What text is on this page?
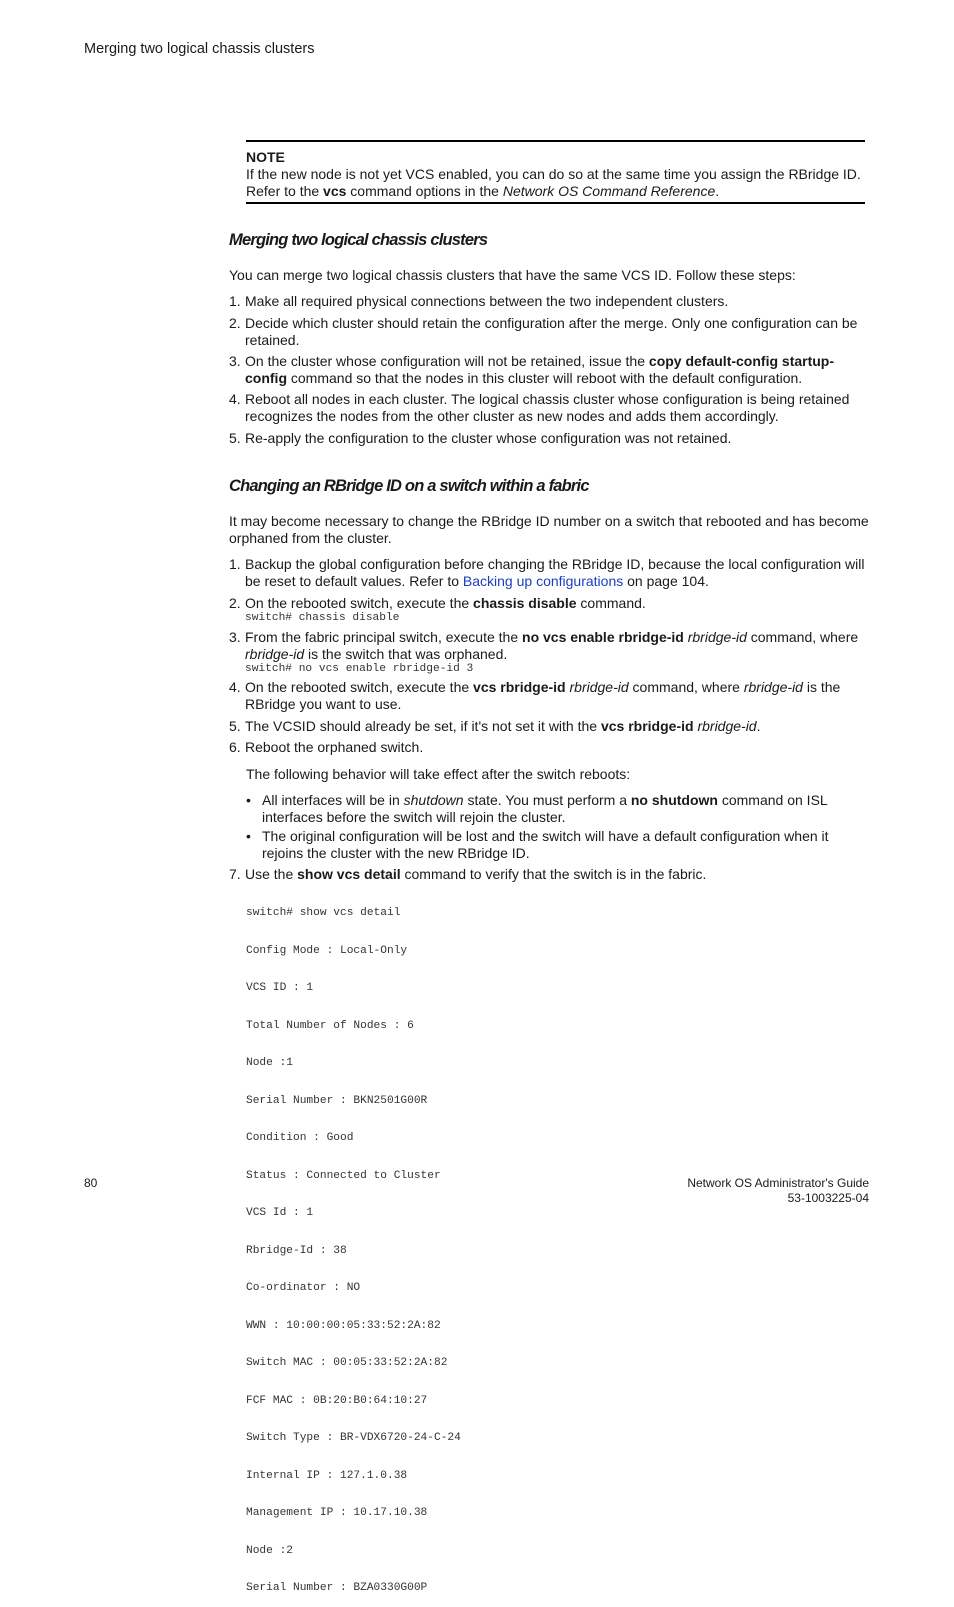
Merging two logical chassis clusters
NOTE

If the new node is not yet VCS enabled, you can do so at the same time you assign the RBridge ID.

Refer to the vcs command options in the Network OS Command Reference.

Merging two logical chassis clusters

You can merge two logical chassis clusters that have the same VCS ID. Follow these steps:

1. Make all required physical connections between the two independent clusters.
2. Decide which cluster should retain the configuration after the merge. Only one configuration can be retained.
3. On the cluster whose configuration will not be retained, issue the copy default-config startup-config command so that the nodes in this cluster will reboot with the default configuration.
4. Reboot all nodes in each cluster. The logical chassis cluster whose configuration is being retained recognizes the nodes from the other cluster as new nodes and adds them accordingly.
5. Re-apply the configuration to the cluster whose configuration was not retained.
Changing an RBridge ID on a switch within a fabric

It may become necessary to change the RBridge ID number on a switch that rebooted and has become orphaned from the cluster.

1. Backup the global configuration before changing the RBridge ID, because the local configuration will be reset to default values. Refer to Backing up configurations on page 104.
2. On the rebooted switch, execute the chassis disable command.
switch# chassis disable
3. From the fabric principal switch, execute the no vcs enable rbridge-id rbridge-id command, where rbridge-id is the switch that was orphaned.
switch# no vcs enable rbridge-id 3
4. On the rebooted switch, execute the vcs rbridge-id rbridge-id command, where rbridge-id is the RBridge you want to use.
5. The VCSID should already be set, if it's not set it with the vcs rbridge-id rbridge-id.
6. Reboot the orphaned switch.

The following behavior will take effect after the switch reboots:

• All interfaces will be in shutdown state. You must perform a no shutdown command on ISL interfaces before the switch will rejoin the cluster.
• The original configuration will be lost and the switch will have a default configuration when it rejoins the cluster with the new RBridge ID.
7. Use the show vcs detail command to verify that the switch is in the fabric.

switch# show vcs detail

Config Mode : Local-Only

VCS ID : 1

Total Number of Nodes : 6

Node :1

Serial Number : BKN2501G00R

Condition : Good

Status : Connected to Cluster

VCS Id : 1

Rbridge-Id : 38

Co-ordinator : NO

WWN : 10:00:00:05:33:52:2A:82

Switch MAC : 00:05:33:52:2A:82

FCF MAC : 0B:20:B0:64:10:27

Switch Type : BR-VDX6720-24-C-24

Internal IP : 127.1.0.38

Management IP : 10.17.10.38

Node :2

Serial Number : BZA0330G00P

80	Network OS Administrator's Guide
53-1003225-04
